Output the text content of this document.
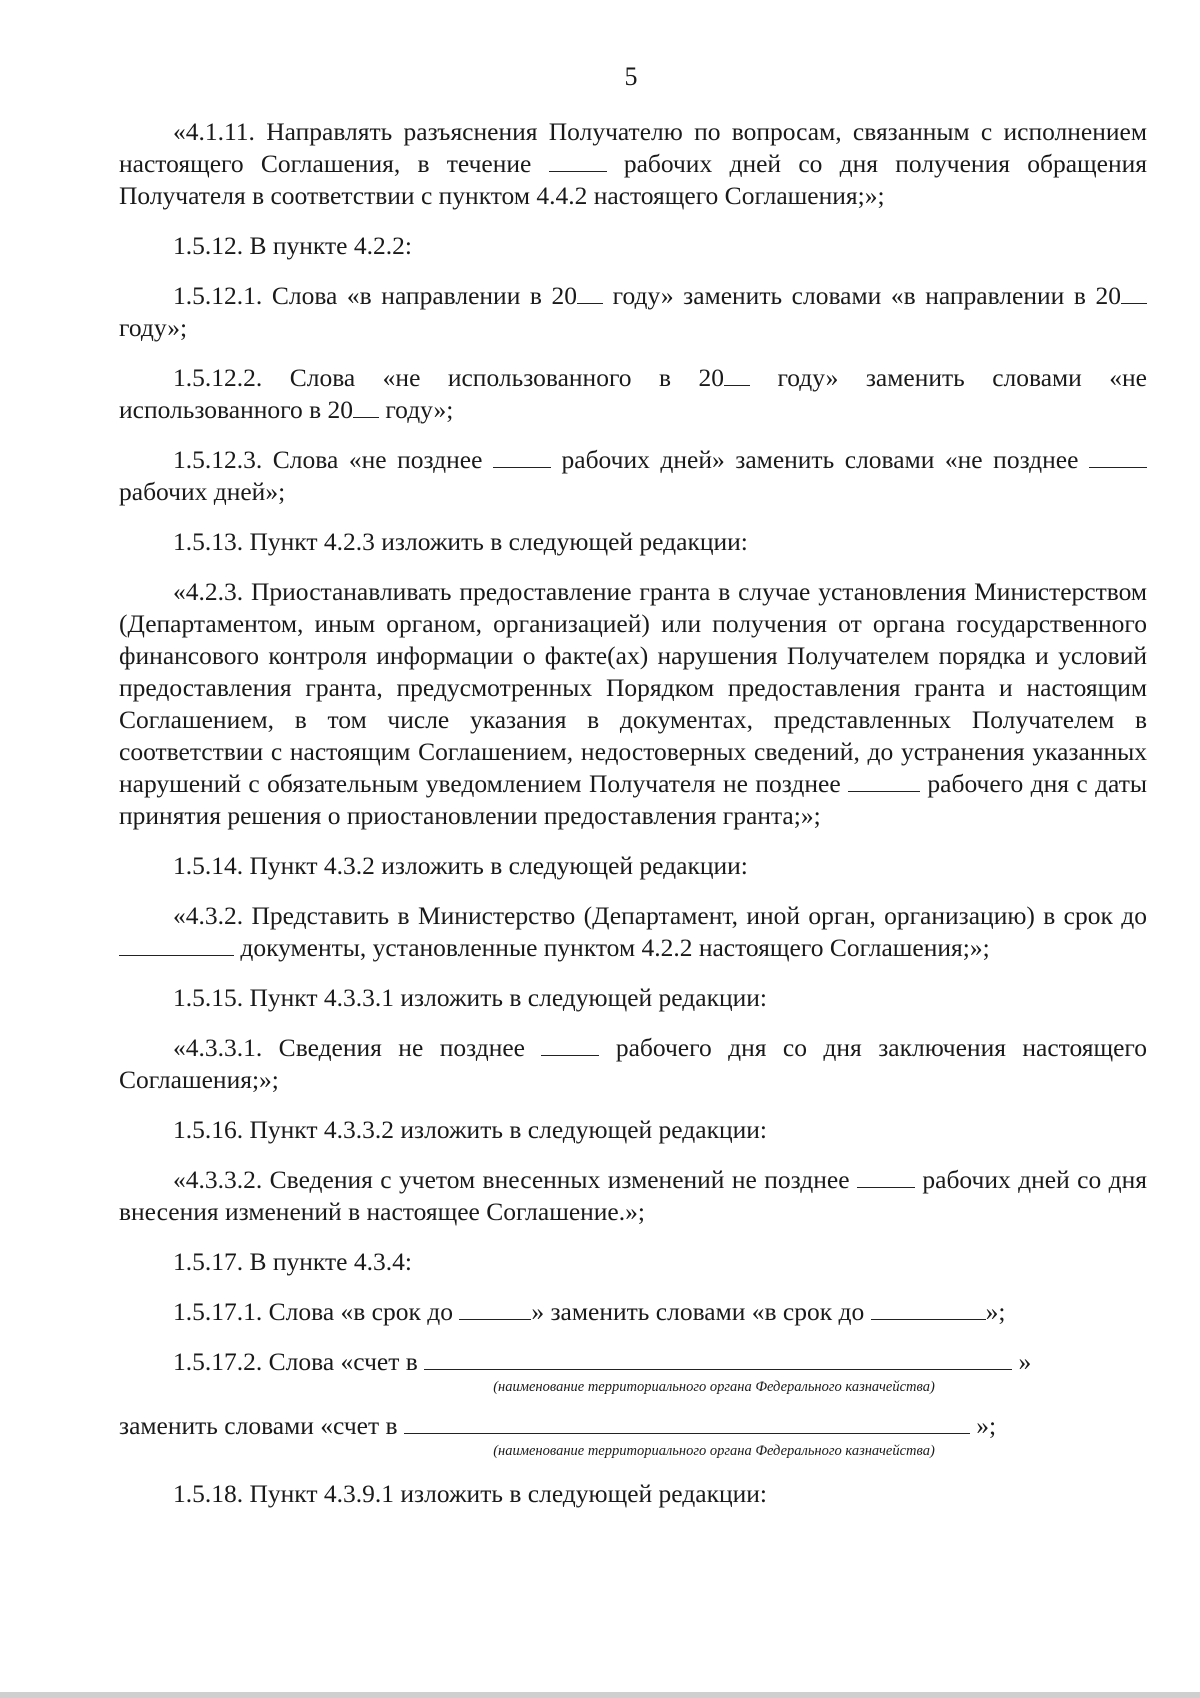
5

«4.1.11. Направлять разъяснения Получателю по вопросам, связанным с исполнением настоящего Соглашения, в течение  рабочих дней со дня получения обращения Получателя в соответствии с пунктом 4.4.2 настоящего Соглашения;»;

1.5.12. В пункте 4.2.2:

1.5.12.1. Слова «в направлении в 20 году» заменить словами «в направлении в 20 году»;

1.5.12.2. Слова «не использованного в 20 году» заменить словами «не использованного в 20 году»;

1.5.12.3. Слова «не позднее  рабочих дней» заменить словами «не позднее  рабочих дней»;

1.5.13. Пункт 4.2.3 изложить в следующей редакции:

«4.2.3. Приостанавливать предоставление гранта в случае установления Министерством (Департаментом, иным органом, организацией) или получения от органа государственного финансового контроля информации о факте(ах) нарушения Получателем порядка и условий предоставления гранта, предусмотренных Порядком предоставления гранта и настоящим Соглашением, в том числе указания в документах, представленных Получателем в соответствии с настоящим Соглашением, недостоверных сведений, до устранения указанных нарушений с обязательным уведомлением Получателя не позднее	рабочего дня с даты принятия решения о приостановлении предоставления гранта;»;

1.5.14. Пункт 4.3.2 изложить в следующей редакции:

«4.3.2. Представить в Министерство (Департамент, иной орган, организацию) в срок до  документы, установленные пунктом 4.2.2 настоящего Соглашения;»;

1.5.15. Пункт 4.3.3.1 изложить в следующей редакции:

«4.3.3.1. Сведения не позднее  рабочего дня со дня заключения настоящего Соглашения;»;

1.5.16. Пункт 4.3.3.2 изложить в следующей редакции:

«4.3.3.2. Сведения с учетом внесенных изменений не позднее  рабочих дней со дня внесения изменений в настоящее Соглашение.»;

1.5.17. В пункте 4.3.4:

1.5.17.1. Слова «в срок до	» заменить словами «в срок до	»;

1.5.17.2. Слова «счет в	»
(наименование территориального органа Федерального казначейства)
заменить словами «счет в	»;
(наименование территориального органа Федерального казначейства)

1.5.18. Пункт 4.3.9.1 изложить в следующей редакции:
